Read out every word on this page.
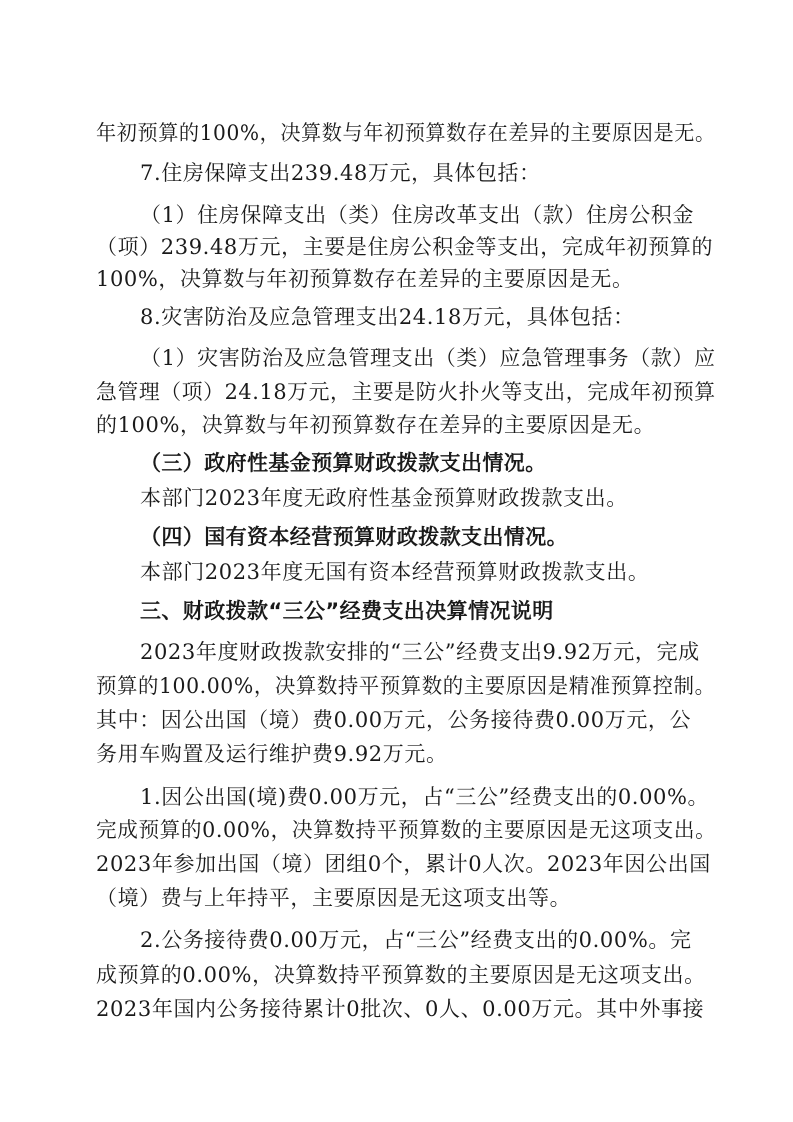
年初预算的100%，决算数与年初预算数存在差异的主要原因是无。
7.住房保障支出239.48万元，具体包括：
（1）住房保障支出（类）住房改革支出（款）住房公积金
（项）239.48万元，主要是住房公积金等支出，完成年初预算的
100%，决算数与年初预算数存在差异的主要原因是无。
8.灾害防治及应急管理支出24.18万元，具体包括：
（1）灾害防治及应急管理支出（类）应急管理事务（款）应
急管理（项）24.18万元，主要是防火扑火等支出，完成年初预算
的100%，决算数与年初预算数存在差异的主要原因是无。
（三）政府性基金预算财政拨款支出情况。
本部门2023年度无政府性基金预算财政拨款支出。
（四）国有资本经营预算财政拨款支出情况。
本部门2023年度无国有资本经营预算财政拨款支出。
三、财政拨款“三公”经费支出决算情况说明
2023年度财政拨款安排的“三公”经费支出9.92万元，完成
预算的100.00%，决算数持平预算数的主要原因是精准预算控制。
其中：因公出国（境）费0.00万元，公务接待费0.00万元，公
务用车购置及运行维护费9.92万元。
1.因公出国(境)费0.00万元，占“三公”经费支出的0.00%。
完成预算的0.00%，决算数持平预算数的主要原因是无这项支出。
2023年参加出国（境）团组0个，累计0人次。2023年因公出国
（境）费与上年持平，主要原因是无这项支出等。
2.公务接待费0.00万元，占“三公”经费支出的0.00%。完
成预算的0.00%，决算数持平预算数的主要原因是无这项支出。
2023年国内公务接待累计0批次、0人、0.00万元。其中外事接
